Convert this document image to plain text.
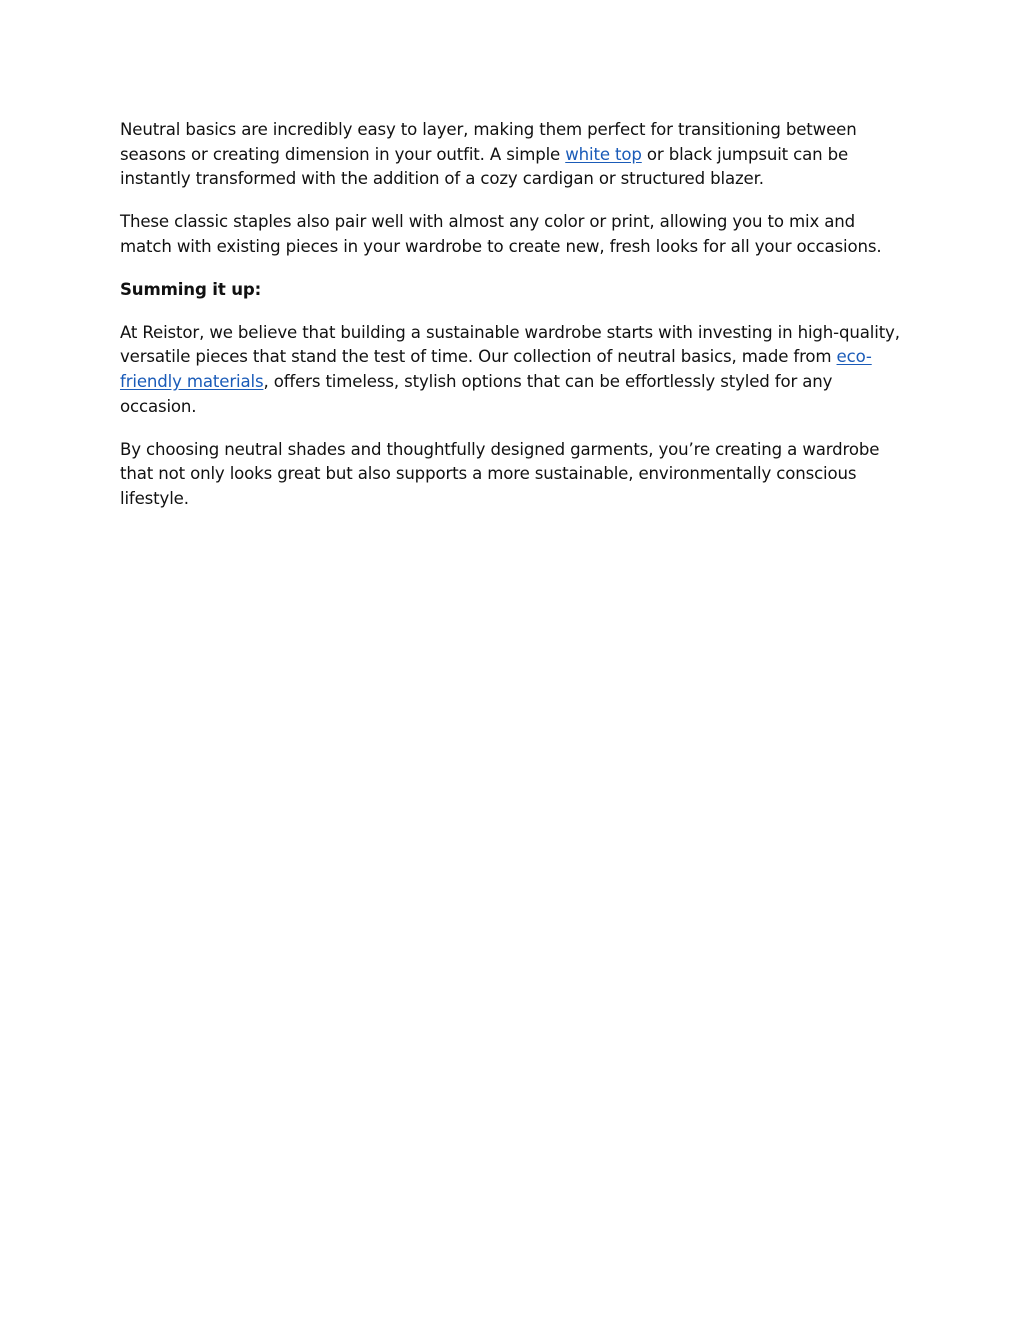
Neutral basics are incredibly easy to layer, making them perfect for transitioning between seasons or creating dimension in your outfit. A simple white top or black jumpsuit can be instantly transformed with the addition of a cozy cardigan or structured blazer.

These classic staples also pair well with almost any color or print, allowing you to mix and match with existing pieces in your wardrobe to create new, fresh looks for all your occasions.

Summing it up:

At Reistor, we believe that building a sustainable wardrobe starts with investing in high-quality, versatile pieces that stand the test of time. Our collection of neutral basics, made from eco-friendly materials, offers timeless, stylish options that can be effortlessly styled for any occasion.

By choosing neutral shades and thoughtfully designed garments, you’re creating a wardrobe that not only looks great but also supports a more sustainable, environmentally conscious lifestyle.
